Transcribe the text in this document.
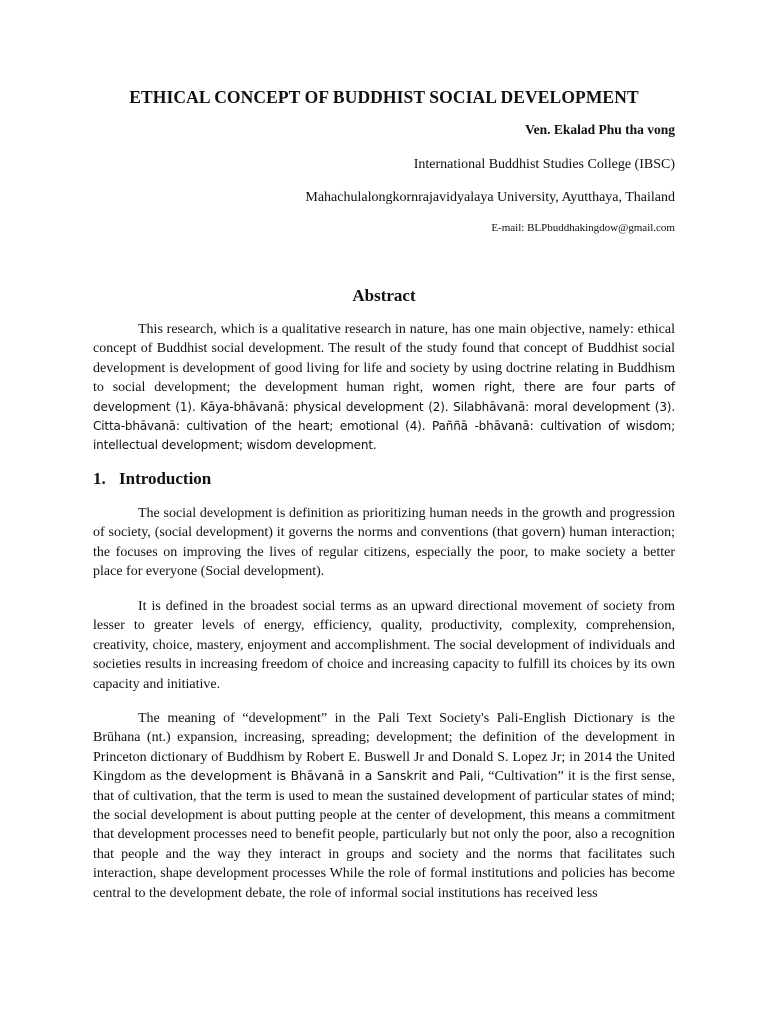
ETHICAL CONCEPT OF BUDDHIST SOCIAL DEVELOPMENT
Ven. Ekalad Phu tha vong
International Buddhist Studies College (IBSC)
Mahachulalongkornrajavidyalaya University, Ayutthaya, Thailand
E-mail: BLPbuddhakingdow@gmail.com
Abstract

This research, which is a qualitative research in nature, has one main objective, namely: ethical concept of Buddhist social development. The result of the study found that concept of Buddhist social development is development of good living for life and society by using doctrine relating in Buddhism to social development; the development human right, women right, there are four parts of development (1). Kāya-bhāvanā: physical development (2). Silabhāvanā: moral development (3). Citta-bhāvanā: cultivation of the heart; emotional (4). Paññā -bhāvanā: cultivation of wisdom; intellectual development; wisdom development.

1. Introduction

The social development is definition as prioritizing human needs in the growth and progression of society, (social development) it governs the norms and conventions (that govern) human interaction; the focuses on improving the lives of regular citizens, especially the poor, to make society a better place for everyone (Social development).

It is defined in the broadest social terms as an upward directional movement of society from lesser to greater levels of energy, efficiency, quality, productivity, complexity, comprehension, creativity, choice, mastery, enjoyment and accomplishment. The social development of individuals and societies results in increasing freedom of choice and increasing capacity to fulfill its choices by its own capacity and initiative.

The meaning of “development” in the Pali Text Society's Pali-English Dictionary is the Brūhana (nt.) expansion, increasing, spreading; development; the definition of the development in Princeton dictionary of Buddhism by Robert E. Buswell Jr and Donald S. Lopez Jr; in 2014 the United Kingdom as the development is Bhāvanā in a Sanskrit and Pali, “Cultivation” it is the first sense, that of cultivation, that the term is used to mean the sustained development of particular states of mind; the social development is about putting people at the center of development, this means a commitment that development processes need to benefit people, particularly but not only the poor, also a recognition that people and the way they interact in groups and society and the norms that facilitates such interaction, shape development processes While the role of formal institutions and policies has become central to the development debate, the role of informal social institutions has received less
